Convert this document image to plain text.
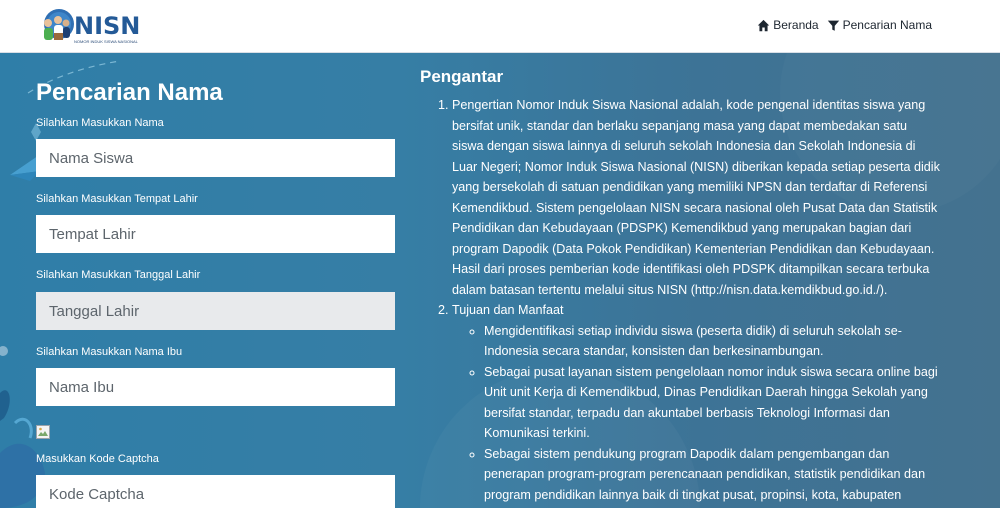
NISN
NOMOR INDUK SISWA NASIONAL
Beranda Pencarian Nama
Pencarian Nama
Silahkan Masukkan Nama
Nama Siswa
Silahkan Masukkan Tempat Lahir
Tempat Lahir
Silahkan Masukkan Tanggal Lahir
Tanggal Lahir
Silahkan Masukkan Nama Ibu
Nama Ibu
Masukkan Kode Captcha
Kode Captcha
Pengantar
1. Pengertian Nomor Induk Siswa Nasional adalah, kode pengenal identitas siswa yang bersifat unik, standar dan berlaku sepanjang masa yang dapat membedakan satu siswa dengan siswa lainnya di seluruh sekolah Indonesia dan Sekolah Indonesia di Luar Negeri; Nomor Induk Siswa Nasional (NISN) diberikan kepada setiap peserta didik yang bersekolah di satuan pendidikan yang memiliki NPSN dan terdaftar di Referensi Kemendikbud. Sistem pengelolaan NISN secara nasional oleh Pusat Data dan Statistik Pendidikan dan Kebudayaan (PDSPK) Kemendikbud yang merupakan bagian dari program Dapodik (Data Pokok Pendidikan) Kementerian Pendidikan dan Kebudayaan. Hasil dari proses pemberian kode identifikasi oleh PDSPK ditampilkan secara terbuka dalam batasan tertentu melalui situs NISN (http://nisn.data.kemdikbud.go.id./).
2. Tujuan dan Manfaat
◦ Mengidentifikasi setiap individu siswa (peserta didik) di seluruh sekolah se-Indonesia secara standar, konsisten dan berkesinambungan.
◦ Sebagai pusat layanan sistem pengelolaan nomor induk siswa secara online bagi Unit unit Kerja di Kemendikbud, Dinas Pendidikan Daerah hingga Sekolah yang bersifat standar, terpadu dan akuntabel berbasis Teknologi Informasi dan Komunikasi terkini.
◦ Sebagai sistem pendukung program Dapodik dalam pengembangan dan penerapan program-program perencanaan pendidikan, statistik pendidikan dan program pendidikan lainnya baik di tingkat pusat, propinsi, kota, kabupaten
